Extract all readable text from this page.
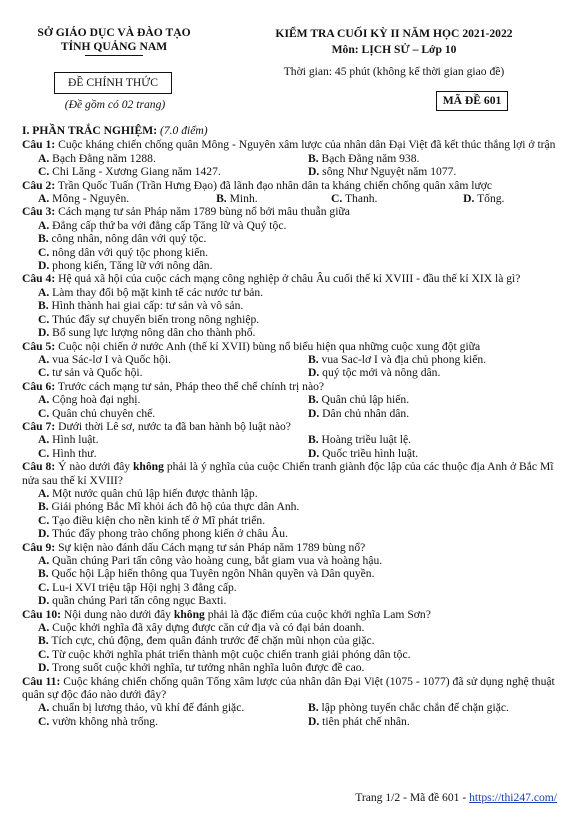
SỞ GIÁO DỤC VÀ ĐÀO TẠO
TỈNH QUẢNG NAM
ĐỀ CHÍNH THỨC
(Đề gồm có 02 trang)
KIỂM TRA CUỐI KỲ II NĂM HỌC 2021-2022
Môn: LỊCH SỬ – Lớp 10
Thời gian: 45 phút (không kể thời gian giao đề)
MÃ ĐỀ 601
I. PHẦN TRẮC NGHIỆM: (7.0 điểm)
Câu 1: Cuộc kháng chiến chống quân Mông - Nguyên xâm lược của nhân dân Đại Việt đã kết thúc thắng lợi ở trận
A. Bạch Đằng năm 1288.	B. Bạch Đằng năm 938.
C. Chi Lăng - Xương Giang năm 1427.	D. sông Như Nguyệt năm 1077.
Câu 2: Trần Quốc Tuấn (Trần Hưng Đạo) đã lãnh đạo nhân dân ta kháng chiến chống quân xâm lược
A. Mông - Nguyên.	B. Minh.	C. Thanh.	D. Tống.
Câu 3: Cách mạng tư sản Pháp năm 1789 bùng nổ bởi mâu thuẫn giữa
A. Đẳng cấp thứ ba với đẳng cấp Tăng lữ và Quý tộc.
B. công nhân, nông dân với quý tộc.
C. nông dân với quý tộc phong kiến.
D. phong kiến, Tăng lữ với nông dân.
Câu 4: Hệ quả xã hội của cuộc cách mạng công nghiệp ở châu Âu cuối thế kỉ XVIII - đầu thế kỉ XIX là gì?
A. Làm thay đổi bộ mặt kinh tế các nước tư bản.
B. Hình thành hai giai cấp: tư sản và vô sản.
C. Thúc đẩy sự chuyển biến trong nông nghiệp.
D. Bổ sung lực lượng nông dân cho thành phố.
Câu 5: Cuộc nội chiến ở nước Anh (thế kỉ XVII) bùng nổ biểu hiện qua những cuộc xung đột giữa
A. vua Sác-lơ I và Quốc hội.	B. vua Sac-lơ I và địa chủ phong kiến.
C. tư sản và Quốc hội.	D. quý tộc mới và nông dân.
Câu 6: Trước cách mạng tư sản, Pháp theo thể chế chính trị nào?
A. Cộng hoà đại nghị.	B. Quân chủ lập hiến.
C. Quân chủ chuyên chế.	D. Dân chủ nhân dân.
Câu 7: Dưới thời Lê sơ, nước ta đã ban hành bộ luật nào?
A. Hình luật.	B. Hoàng triều luật lệ.
C. Hình thư.	D. Quốc triều hình luật.
Câu 8: Ý nào dưới đây không phải là ý nghĩa của cuộc Chiến tranh giành độc lập của các thuộc địa Anh ở Bắc Mĩ nửa sau thế kỉ XVIII?
A. Một nước quân chủ lập hiến được thành lập.
B. Giải phóng Bắc Mĩ khỏi ách đô hộ của thực dân Anh.
C. Tạo điều kiện cho nền kinh tế ở Mĩ phát triển.
D. Thúc đẩy phong trào chống phong kiến ở châu Âu.
Câu 9: Sự kiện nào đánh dấu Cách mạng tư sản Pháp năm 1789 bùng nổ?
A. Quần chúng Pari tấn công vào hoàng cung, bắt giam vua và hoàng hậu.
B. Quốc hội Lập hiến thông qua Tuyên ngôn Nhân quyền và Dân quyền.
C. Lu-i XVI triệu tập Hội nghị 3 đẳng cấp.
D. quần chúng Pari tấn công ngục Baxti.
Câu 10: Nội dung nào dưới đây không phải là đặc điểm của cuộc khởi nghĩa Lam Sơn?
A. Cuộc khởi nghĩa đã xây dựng được căn cứ địa và có đại bản doanh.
B. Tích cực, chủ động, đem quân đánh trước để chặn mũi nhọn của giặc.
C. Từ cuộc khởi nghĩa phát triển thành một cuộc chiến tranh giải phóng dân tộc.
D. Trong suốt cuộc khởi nghĩa, tư tưởng nhân nghĩa luôn được đề cao.
Câu 11: Cuộc kháng chiến chống quân Tống xâm lược của nhân dân Đại Việt (1075 - 1077) đã sử dụng nghệ thuật quân sự độc đáo nào dưới đây?
A. chuẩn bị lương thảo, vũ khí để đánh giặc.	B. lập phòng tuyến chắc chắn để chặn giặc.
C. vườn không nhà trống.	D. tiên phát chế nhân.
Trang 1/2 - Mã đề 601 - https://thi247.com/
